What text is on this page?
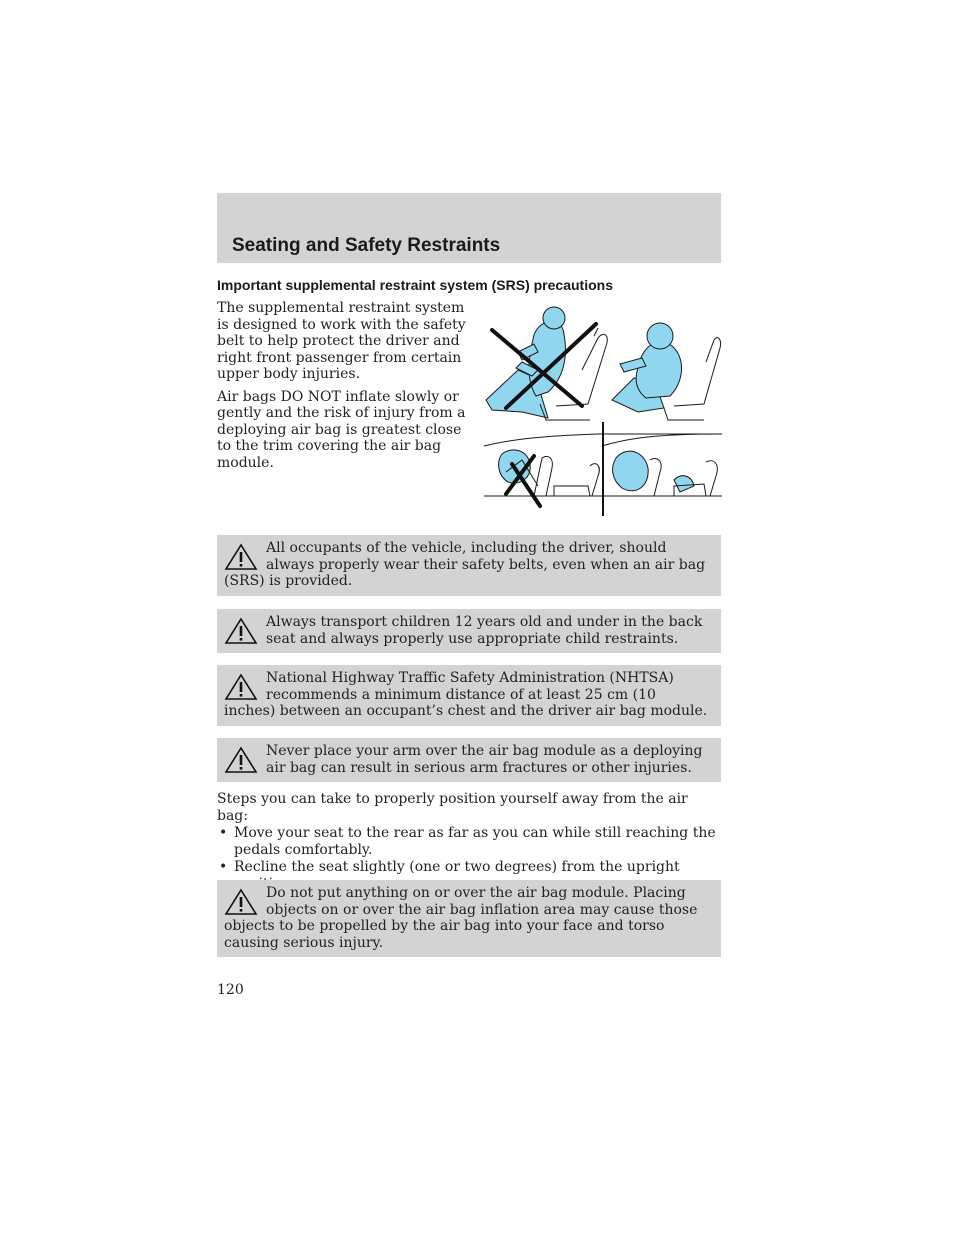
Seating and Safety Restraints
Important supplemental restraint system (SRS) precautions

The supplemental restraint system is designed to work with the safety belt to help protect the driver and right front passenger from certain upper body injuries.

Air bags DO NOT inflate slowly or gently and the risk of injury from a deploying air bag is greatest close to the trim covering the air bag module.

All occupants of the vehicle, including the driver, should always properly wear their safety belts, even when an air bag (SRS) is provided.

Always transport children 12 years old and under in the back seat and always properly use appropriate child restraints.

National Highway Traffic Safety Administration (NHTSA) recommends a minimum distance of at least 25 cm (10 inches) between an occupant’s chest and the driver air bag module.

Never place your arm over the air bag module as a deploying air bag can result in serious arm fractures or other injuries.

Steps you can take to properly position yourself away from the air bag:

• Move your seat to the rear as far as you can while still reaching the pedals comfortably.
• Recline the seat slightly (one or two degrees) from the upright

Do not put anything on or over the air bag module. Placing objects on or over the air bag inflation area may cause those objects to be propelled by the air bag into your face and torso causing serious injury.

120
